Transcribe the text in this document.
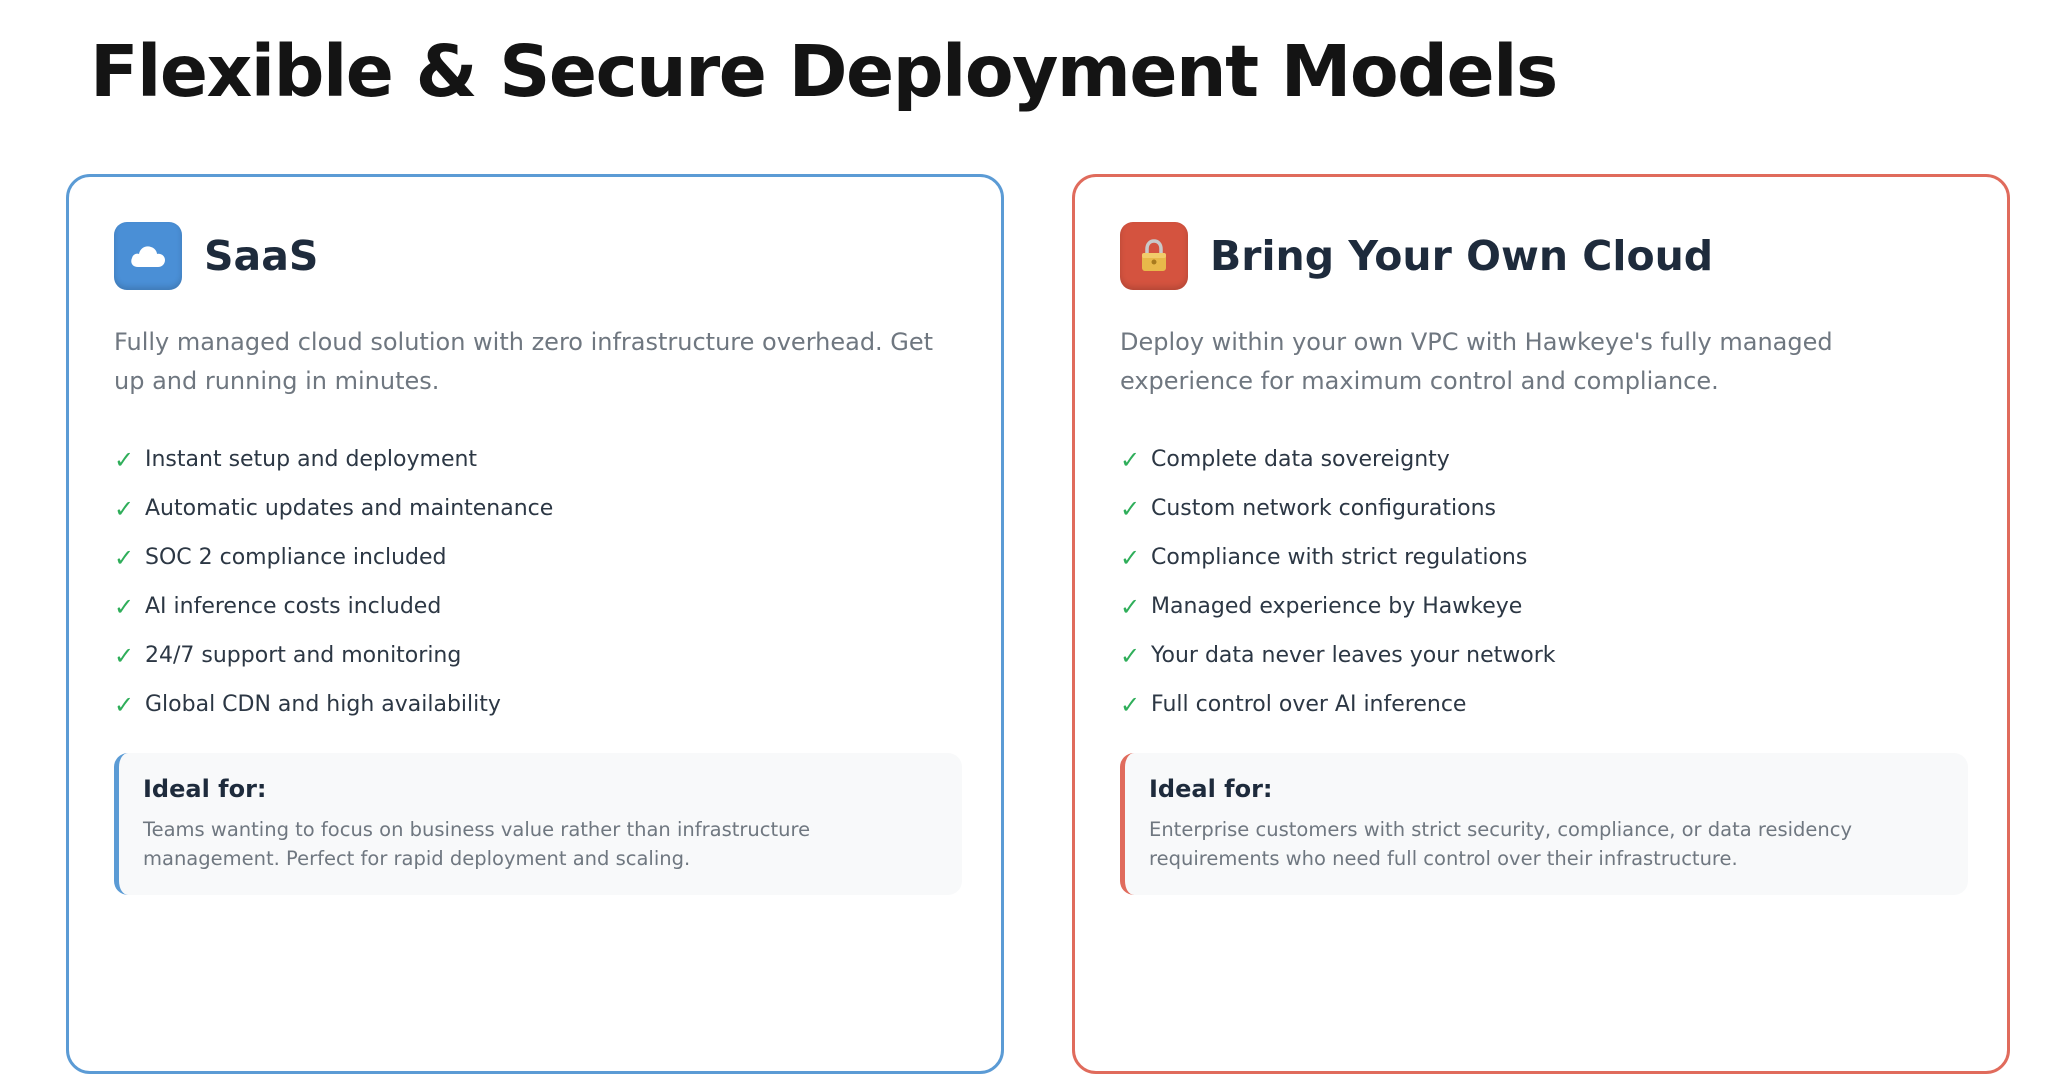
Flexible & Secure Deployment Models
SaaS

Fully managed cloud solution with zero infrastructure overhead. Get up and running in minutes.

✓ Instant setup and deployment
✓ Automatic updates and maintenance
✓ SOC 2 compliance included
✓ AI inference costs included
✓ 24/7 support and monitoring
✓ Global CDN and high availability

Ideal for:

Teams wanting to focus on business value rather than infrastructure management. Perfect for rapid deployment and scaling.

Bring Your Own Cloud

Deploy within your own VPC with Hawkeye's fully managed experience for maximum control and compliance.

✓ Complete data sovereignty
✓ Custom network configurations
✓ Compliance with strict regulations
✓ Managed experience by Hawkeye
✓ Your data never leaves your network
✓ Full control over AI inference

Ideal for:

Enterprise customers with strict security, compliance, or data residency requirements who need full control over their infrastructure.
